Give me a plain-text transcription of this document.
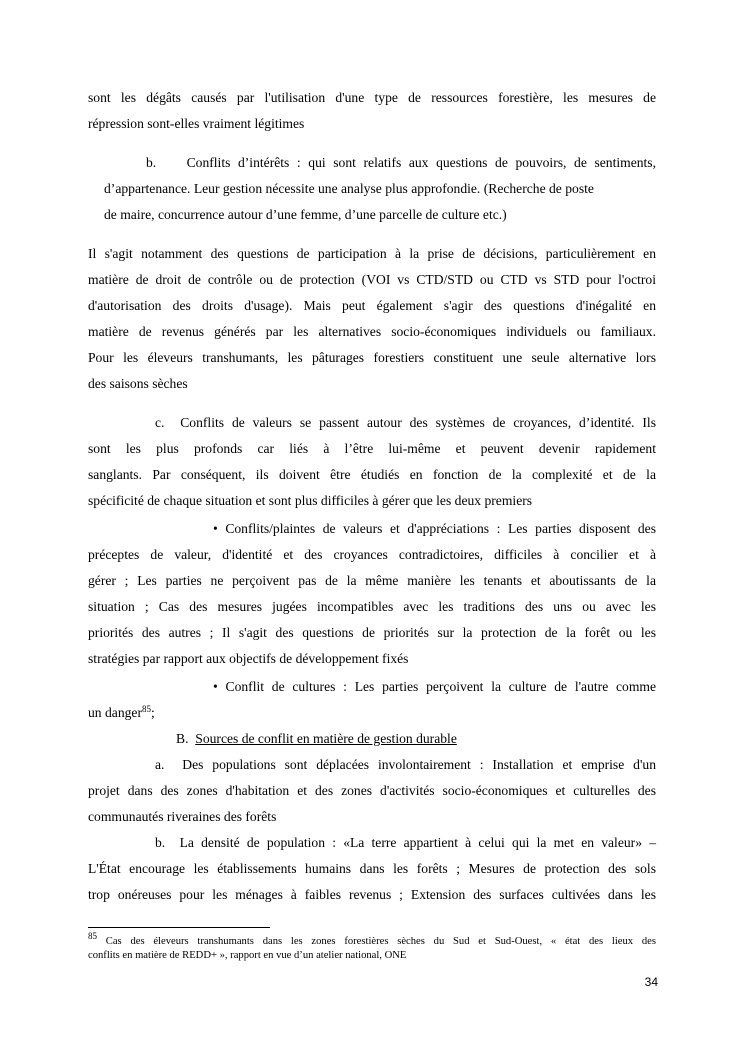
sont les dégâts causés par l'utilisation d'une type de ressources forestière, les mesures de
répression sont-elles vraiment légitimes
b.    Conflits d’intérêts : qui sont relatifs aux questions de pouvoirs, de sentiments,
d’appartenance. Leur gestion nécessite une analyse plus approfondie. (Recherche de poste
de maire, concurrence autour d’une femme, d’une parcelle de culture etc.)
Il s'agit notamment des questions de participation à la prise de décisions, particulièrement en
matière de droit de contrôle ou de protection (VOI vs CTD/STD ou CTD vs STD pour l'octroi
d'autorisation des droits d'usage). Mais peut également s'agir des questions d'inégalité en
matière de revenus générés par les alternatives socio-économiques individuels ou familiaux.
Pour les éleveurs transhumants, les pâturages forestiers constituent une seule alternative lors
des saisons sèches
c.  Conflits de valeurs se passent autour des systèmes de croyances, d’identité. Ils
sont les plus profonds car liés à l’être lui-même et peuvent devenir rapidement
sanglants. Par conséquent, ils doivent être étudiés en fonction de la complexité et de la
spécificité de chaque situation et sont plus difficiles à gérer que les deux premiers
• Conflits/plaintes de valeurs et d'appréciations : Les parties disposent des
préceptes de valeur, d'identité et des croyances contradictoires, difficiles à concilier et à
gérer ; Les parties ne perçoivent pas de la même manière les tenants et aboutissants de la
situation ; Cas des mesures jugées incompatibles avec les traditions des uns ou avec les
priorités des autres ; Il s'agit des questions de priorités sur la protection de la forêt ou les
stratégies par rapport aux objectifs de développement fixés
• Conflit de cultures : Les parties perçoivent la culture de l'autre comme
un danger$^{85}$;
B.  Sources de conflit en matière de gestion durable
a.  Des populations sont déplacées involontairement : Installation et emprise d'un
projet dans des zones d'habitation et des zones d'activités socio-économiques et culturelles des
communautés riveraines des forêts
b.  La densité de population : «La terre appartient à celui qui la met en valeur» –
L'État encourage les établissements humains dans les forêts ; Mesures de protection des sols
trop onéreuses pour les ménages à faibles revenus ; Extension des surfaces cultivées dans les
$^{85}$ Cas des éleveurs transhumants dans les zones forestières sèches du Sud et Sud-Ouest, « état des lieux des
conflits en matière de REDD+ », rapport en vue d’un atelier national, ONE
34
